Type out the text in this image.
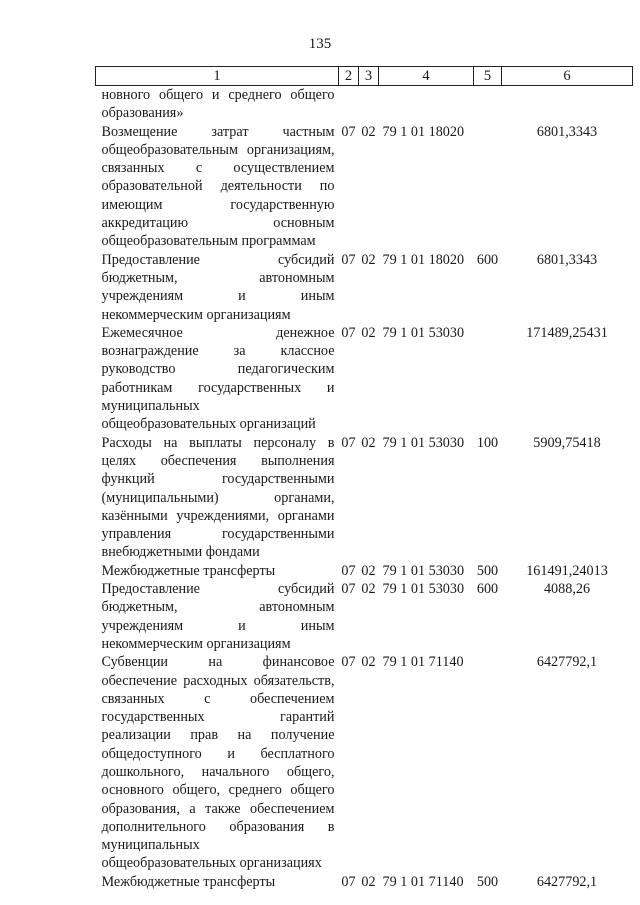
135
1	2	3	4	5	6
новного общего и среднего общего образования»					
Возмещение затрат частным общеобразовательным организациям, связанных с осуществлением образовательной деятельности по имеющим государственную аккредитацию основным общеобразовательным программам	07	02	79 1 01 18020		6801,3343
Предоставление субсидий бюджетным, автономным учреждениям и иным некоммерческим организациям	07	02	79 1 01 18020	600	6801,3343
Ежемесячное денежное вознаграждение за классное руководство педагогическим работникам государственных и муниципальных общеобразовательных организаций	07	02	79 1 01 53030		171489,25431
Расходы на выплаты персоналу в целях обеспечения выполнения функций государственными (муниципальными) органами, казёнными учреждениями, органами управления государственными внебюджетными фондами	07	02	79 1 01 53030	100	5909,75418
Межбюджетные трансферты	07	02	79 1 01 53030	500	161491,24013
Предоставление субсидий бюджетным, автономным учреждениям и иным некоммерческим организациям	07	02	79 1 01 53030	600	4088,26
Субвенции на финансовое обеспечение расходных обязательств, связанных с обеспечением государственных гарантий реализации прав на получение общедоступного и бесплатного дошкольного, начального общего, основного общего, среднего общего образования, а также обеспечением дополнительного образования в муниципальных общеобразовательных организациях	07	02	79 1 01 71140		6427792,1
Межбюджетные трансферты	07	02	79 1 01 71140	500	6427792,1
